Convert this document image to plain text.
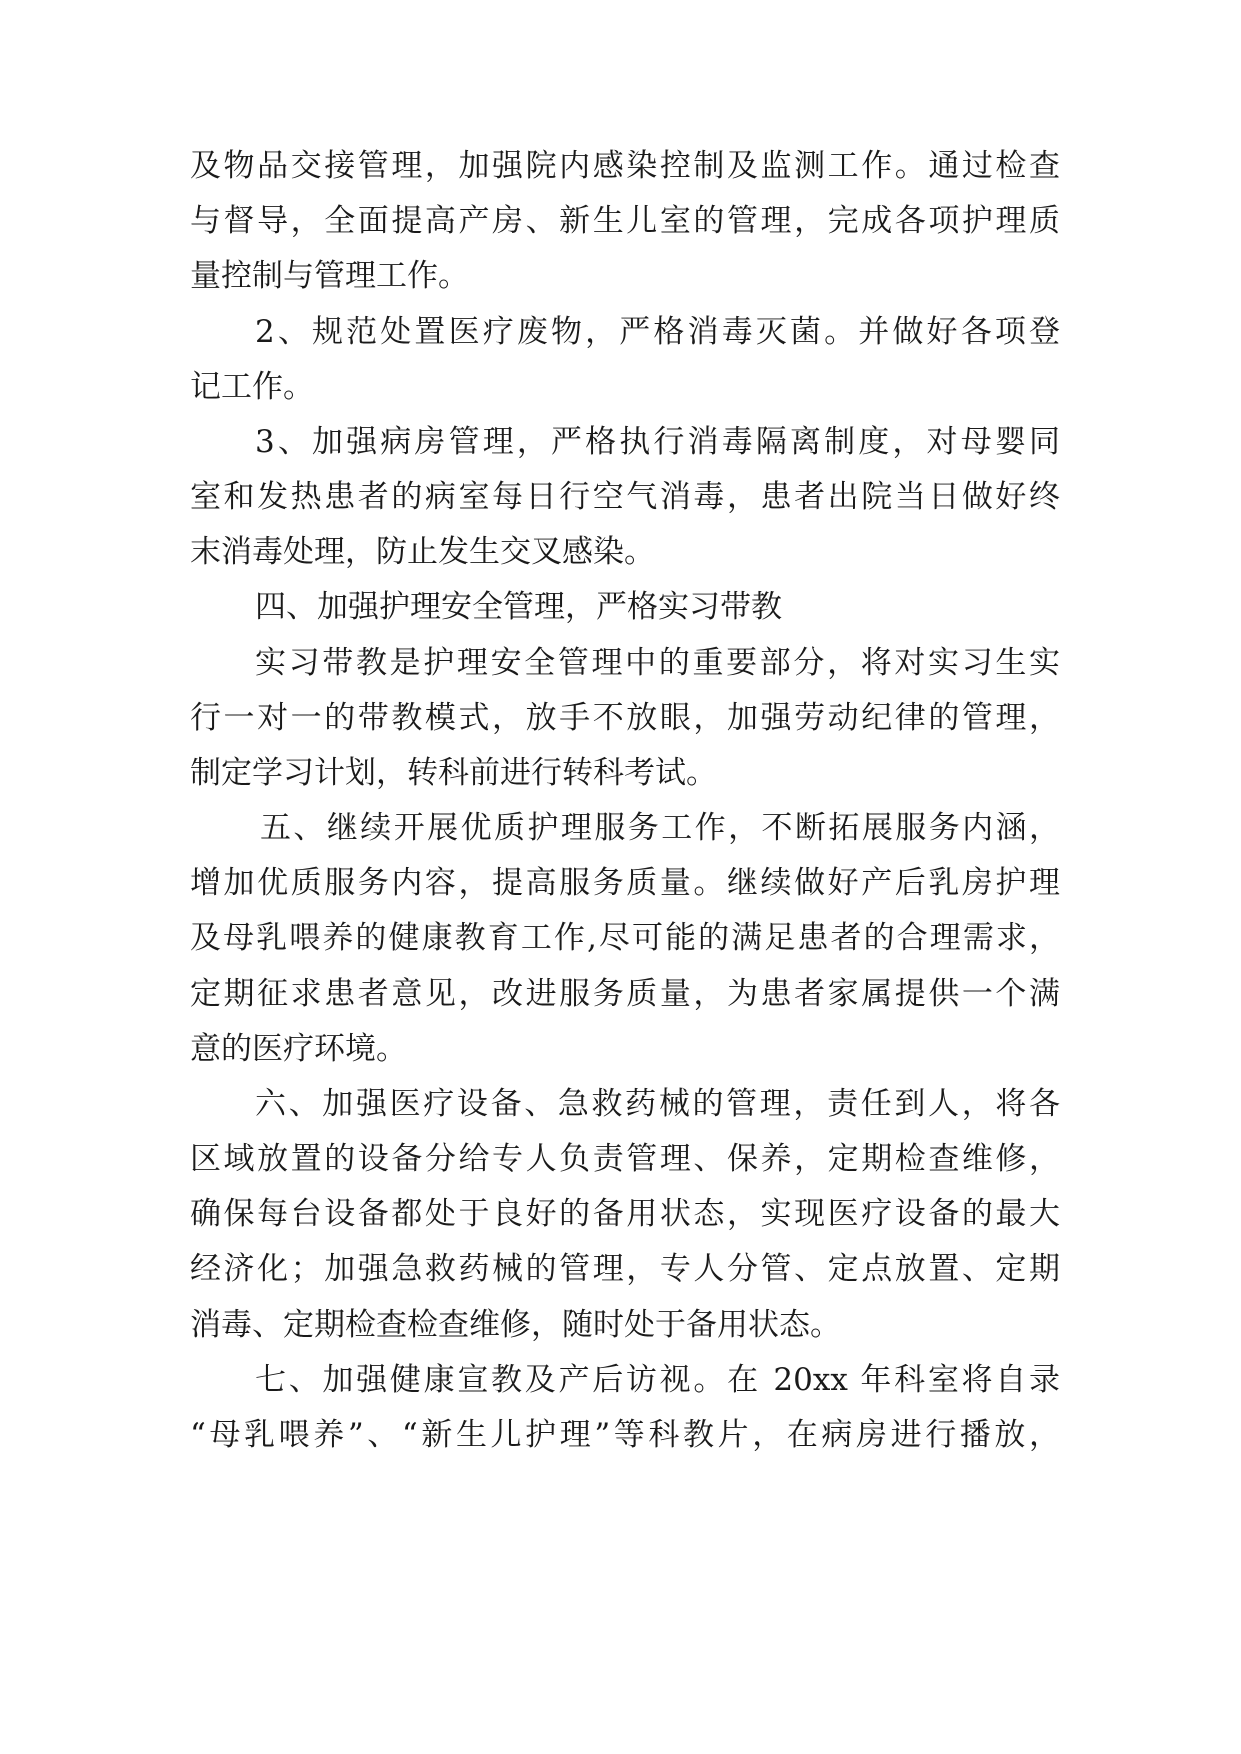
及物品交接管理，加强院内感染控制及监测工作。通过检查
与督导，全面提高产房、新生儿室的管理，完成各项护理质
量控制与管理工作。
2、规范处置医疗废物，严格消毒灭菌。并做好各项登
记工作。
3、加强病房管理，严格执行消毒隔离制度，对母婴同
室和发热患者的病室每日行空气消毒，患者出院当日做好终
末消毒处理，防止发生交叉感染。
四、加强护理安全管理，严格实习带教
实习带教是护理安全管理中的重要部分，将对实习生实
行一对一的带教模式，放手不放眼，加强劳动纪律的管理，
制定学习计划，转科前进行转科考试。
五、继续开展优质护理服务工作，不断拓展服务内涵，
增加优质服务内容，提高服务质量。继续做好产后乳房护理
及母乳喂养的健康教育工作,尽可能的满足患者的合理需求，
定期征求患者意见，改进服务质量，为患者家属提供一个满
意的医疗环境。
六、加强医疗设备、急救药械的管理，责任到人，将各
区域放置的设备分给专人负责管理、保养，定期检查维修，
确保每台设备都处于良好的备用状态，实现医疗设备的最大
经济化；加强急救药械的管理，专人分管、定点放置、定期
消毒、定期检查检查维修，随时处于备用状态。
七、加强健康宣教及产后访视。在 20xx 年科室将自录
“母乳喂养”、“新生儿护理”等科教片，在病房进行播放，
